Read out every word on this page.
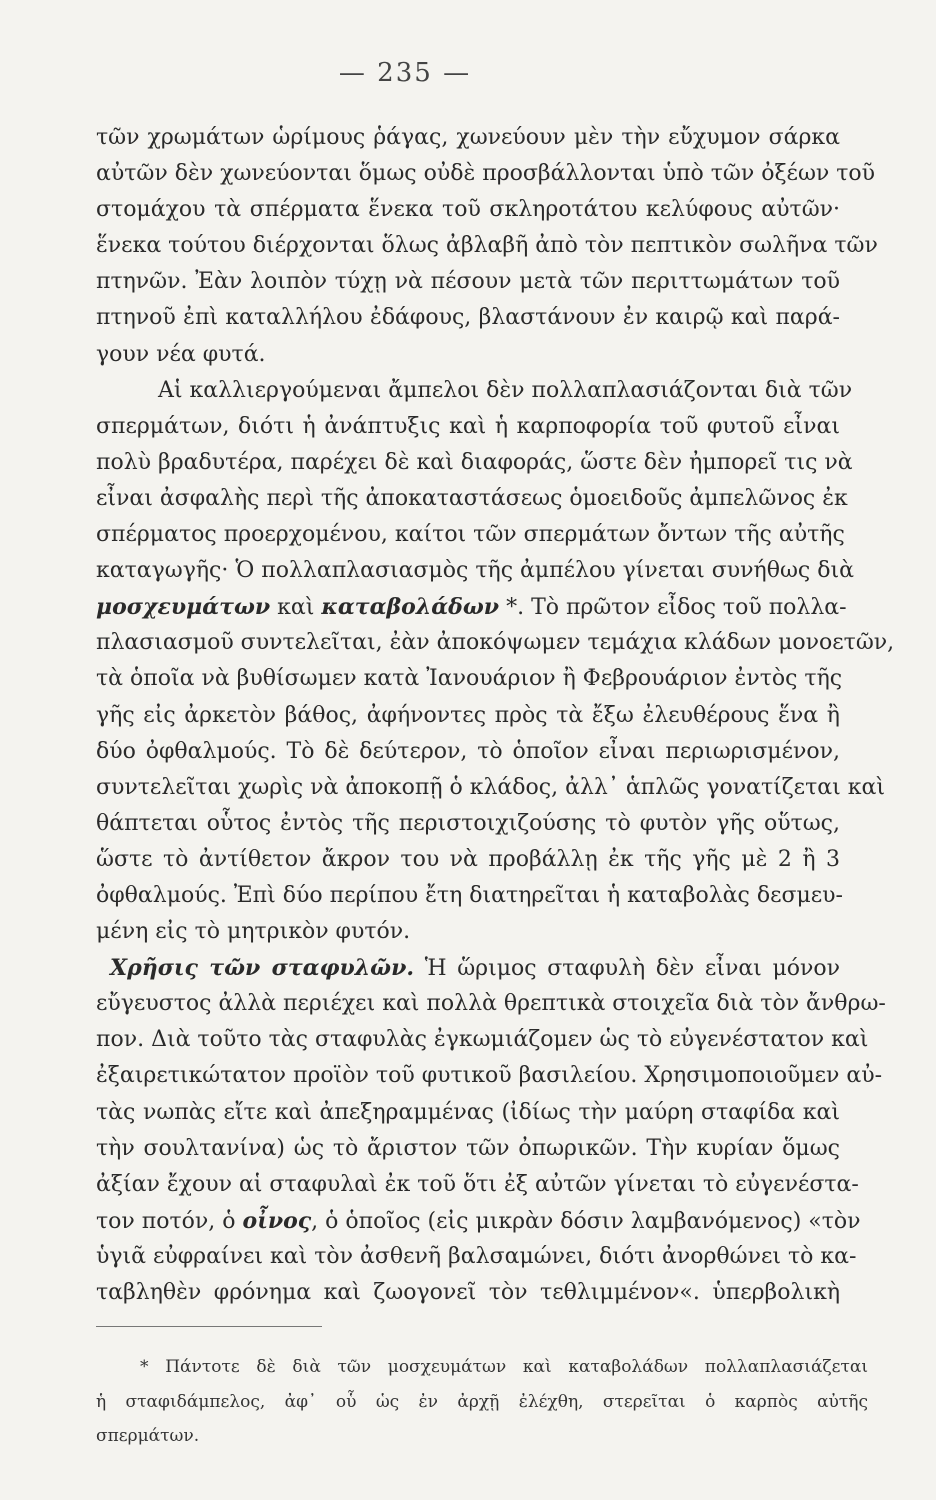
— 235 —
τῶν χρωμάτων ὡρίμους ῥάγας, χωνεύουν μὲν τὴν εὔχυμον σάρκα
αὐτῶν δὲν χωνεύονται ὅμως οὐδὲ προσβάλλονται ὑπὸ τῶν ὀξέων τοῦ
στομάχου τὰ σπέρματα ἕνεκα τοῦ σκληροτάτου κελύφους αὐτῶν·
ἕνεκα τούτου διέρχονται ὅλως ἀβλαβῆ ἀπὸ τὸν πεπτικὸν σωλῆνα τῶν
πτηνῶν. Ἐὰν λοιπὸν τύχῃ νὰ πέσουν μετὰ τῶν περιττωμάτων τοῦ
πτηνοῦ ἐπὶ καταλλήλου ἐδάφους, βλαστάνουν ἐν καιρῷ καὶ παρά-
γουν νέα φυτά.
Αἱ καλλιεργούμεναι ἄμπελοι δὲν πολλαπλασιάζονται διὰ τῶν
σπερμάτων, διότι ἡ ἀνάπτυξις καὶ ἡ καρποφορία τοῦ φυτοῦ εἶναι
πολὺ βραδυτέρα, παρέχει δὲ καὶ διαφοράς, ὥστε δὲν ἠμπορεῖ τις νὰ
εἶναι ἀσφαλὴς περὶ τῆς ἀποκαταστάσεως ὁμοειδοῦς ἀμπελῶνος ἐκ
σπέρματος προερχομένου, καίτοι τῶν σπερμάτων ὄντων τῆς αὐτῆς
καταγωγῆς· Ὁ πολλαπλασιασμὸς τῆς ἀμπέλου γίνεται συνήθως διὰ
μοσχευμάτων καὶ καταβολάδων *. Τὸ πρῶτον εἶδος τοῦ πολλα-
πλασιασμοῦ συντελεῖται, ἐὰν ἀποκόψωμεν τεμάχια κλάδων μονοετῶν,
τὰ ὁποῖα νὰ βυθίσωμεν κατὰ Ἰανουάριον ἢ Φεβρουάριον ἐντὸς τῆς
γῆς εἰς ἀρκετὸν βάθος, ἀφήνοντες πρὸς τὰ ἔξω ἐλευθέρους ἕνα ἢ
δύο ὀφθαλμούς. Τὸ δὲ δεύτερον, τὸ ὁποῖον εἶναι περιωρισμένον,
συντελεῖται χωρὶς νὰ ἀποκοπῇ ὁ κλάδος, ἀλλ᾽ ἁπλῶς γονατίζεται καὶ
θάπτεται οὗτος ἐντὸς τῆς περιστοιχιζούσης τὸ φυτὸν γῆς οὕτως,
ὥστε τὸ ἀντίθετον ἄκρον του νὰ προβάλλῃ ἐκ τῆς γῆς μὲ 2 ἢ 3
ὀφθαλμούς. Ἐπὶ δύο περίπου ἔτη διατηρεῖται ἡ καταβολὰς δεσμευ-
μένη εἰς τὸ μητρικὸν φυτόν.
Χρῆσις τῶν σταφυλῶν. Ἡ ὥριμος σταφυλὴ δὲν εἶναι μόνον
εὔγευστος ἀλλὰ περιέχει καὶ πολλὰ θρεπτικὰ στοιχεῖα διὰ τὸν ἄνθρω-
πον. Διὰ τοῦτο τὰς σταφυλὰς ἐγκωμιάζομεν ὡς τὸ εὐγενέστατον καὶ
ἐξαιρετικώτατον προϊὸν τοῦ φυτικοῦ βασιλείου. Χρησιμοποιοῦμεν αὐ-
τὰς νωπὰς εἴτε καὶ ἀπεξηραμμένας (ἰδίως τὴν μαύρη σταφίδα καὶ
τὴν σουλτανίνα) ὡς τὸ ἄριστον τῶν ὀπωρικῶν. Τὴν κυρίαν ὅμως
ἀξίαν ἔχουν αἱ σταφυλαὶ ἐκ τοῦ ὅτι ἐξ αὐτῶν γίνεται τὸ εὐγενέστα-
τον ποτόν, ὁ οἶνος, ὁ ὁποῖος (εἰς μικρὰν δόσιν λαμβανόμενος) «τὸν
ὑγιᾶ εὐφραίνει καὶ τὸν ἀσθενῆ βαλσαμώνει, διότι ἀνορθώνει τὸ κα-
ταβληθὲν φρόνημα καὶ ζωογονεῖ τὸν τεθλιμμένον«. ὑπερβολικὴ
* Πάντοτε δὲ διὰ τῶν μοσχευμάτων καὶ καταβολάδων πολλαπλασιάζεται
ἡ σταφιδάμπελος, ἀφ᾽ οὗ ὡς ἐν ἀρχῇ ἐλέχθη, στερεῖται ὁ καρπὸς αὐτῆς
σπερμάτων.
